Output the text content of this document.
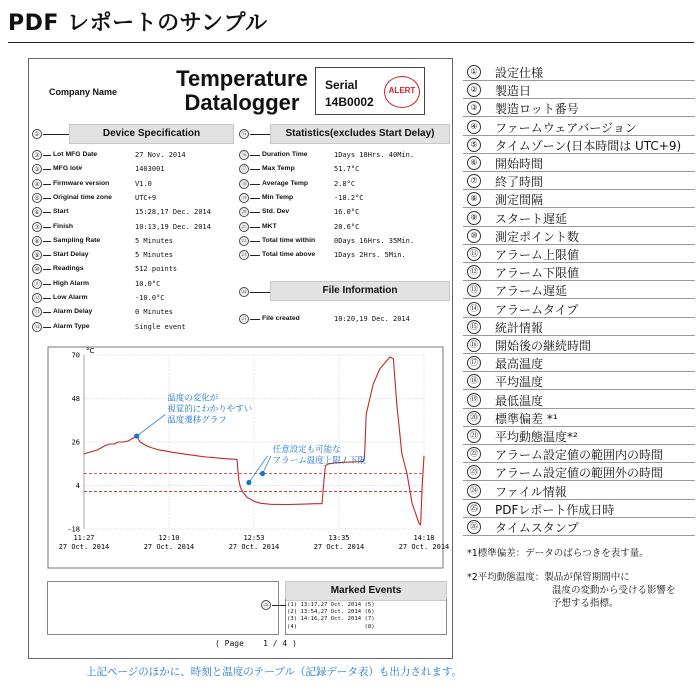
PDF レポートのサンプル
Company Name
Temperature
Datalogger
Serial
14B0002
ALERT
①	Device Specification
②	Lot MFG Date	27 Nov. 2014
③	MFG lot#	1403001
④	Firmware version	V1.0
⑤	Original time zone	UTC+9
⑥	Start	15:28,17 Dec. 2014
⑦	Finish	10:13,19 Dec. 2014
⑧	Sampling Rate	5 Minutes
⑨	Start Delay	5 Minutes
⑩	Readings	512 points
⑪ High Alarm	10.0°C
⑫ Low Alarm	-10.0°C
⑬ Alarm Delay	0 Minutes
⑭ Alarm Type	Single event
⑮	Statistics(excludes Start Delay)
⑯ Duration Time	1Days 18Hrs. 40Min.
⑰ Max Temp	51.7°C
⑱ Average Temp	2.8°C
⑲ Min Temp	-18.2°C
⑳ Std. Dev	16.0°C
㉑ MKT	20.6°C
㉒ Total time within	0Days 16Hrs. 35Min.
㉓ Total time above	1Days 2Hrs. 5Min.
㉔	File Information
㉕ File created	10:20,19 Dec. 2014
70
48
26
4
-18
°C
11:27
27 Oct. 2014
12:10
27 Oct. 2014
12:53
27 Oct. 2014
13:35
27 Oct. 2014
14:18
27 Oct. 2014
温度の変化が
視覚的にわかりやすい
温度遷移グラフ
任意設定も可能な
アラーム温度上限 / 下限
Marked Events
㉖	(1) 13:17,27 Oct. 2014 (5)
(2) 13:54,27 Oct. 2014 (6)
(3) 14:16,27 Oct. 2014 (7)
(4)                    (8)
( Page    1 / 4 )
① 設定仕様
② 製造日
③ 製造ロット番号
④ ファームウェアバージョン
⑤ タイムゾーン(日本時間は UTC+9)
⑥ 開始時間
⑦ 終了時間
⑧ 測定間隔
⑨ スタート遅延
⑩ 測定ポイント数
⑪ アラーム上限値
⑫ アラーム下限値
⑬ アラーム遅延
⑭ アラームタイプ
⑮ 統計情報
⑯ 開始後の継続時間
⑰ 最高温度
⑱ 平均温度
⑲ 最低温度
⑳ 標準偏差 *¹
㉑ 平均動態温度*²
㉒ アラーム設定値の範囲内の時間
㉓ アラーム設定値の範囲外の時間
㉔ ファイル情報
㉕ PDFレポート作成日時
㉖ タイムスタンプ
*1標準偏差：データのばらつきを表す量。
*2平均動態温度：製品が保管期間中に
温度の変動から受ける影響を
予想する指標。
上記ページのほかに、時刻と温度のテーブル（記録データ表）も出力されます。
